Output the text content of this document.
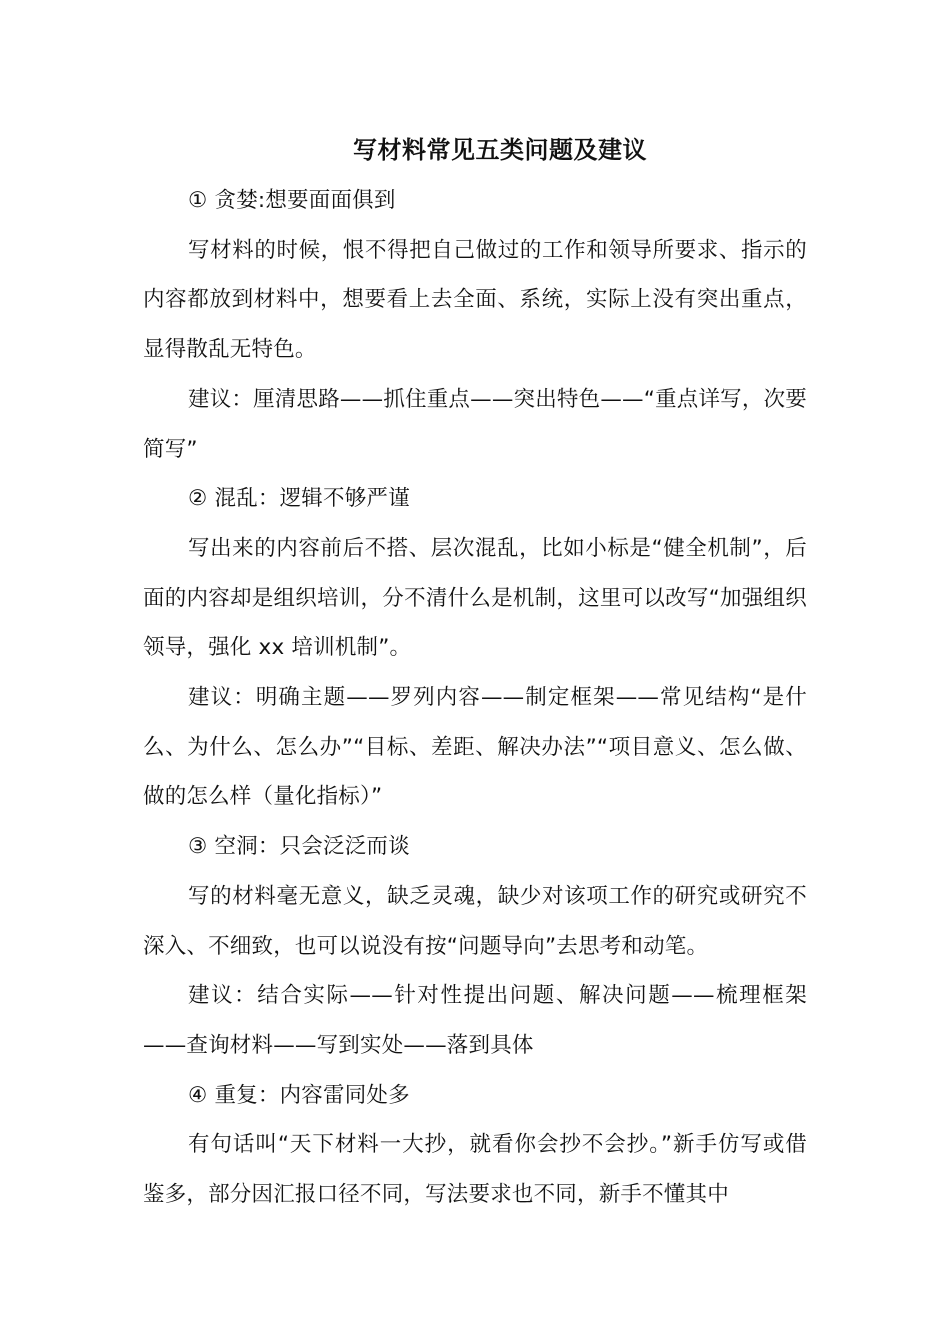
写材料常见五类问题及建议

① 贪婪:想要面面俱到

写材料的时候，恨不得把自己做过的工作和领导所要求、指示的内容都放到材料中，想要看上去全面、系统，实际上没有突出重点，显得散乱无特色。

建议：厘清思路——抓住重点——突出特色——“重点详写，次要简写”

② 混乱：逻辑不够严谨

写出来的内容前后不搭、层次混乱，比如小标是“健全机制”，后面的内容却是组织培训，分不清什么是机制，这里可以改写“加强组织领导，强化 xx 培训机制”。

建议：明确主题——罗列内容——制定框架——常见结构“是什么、为什么、怎么办”“目标、差距、解决办法”“项目意义、怎么做、做的怎么样（量化指标）”

③ 空洞：只会泛泛而谈

写的材料毫无意义，缺乏灵魂，缺少对该项工作的研究或研究不深入、不细致，也可以说没有按“问题导向”去思考和动笔。

建议：结合实际——针对性提出问题、解决问题——梳理框架——查询材料——写到实处——落到具体

④ 重复：内容雷同处多

有句话叫“天下材料一大抄，就看你会抄不会抄。”新手仿写或借鉴多，部分因汇报口径不同，写法要求也不同，新手不懂其中
